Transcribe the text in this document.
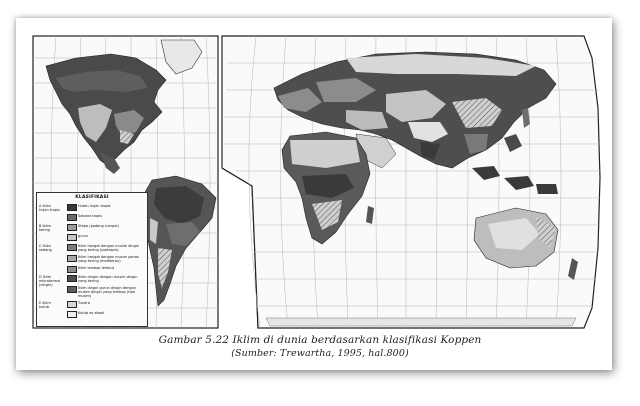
KLASIFIKASI
A Iklim hujan tropis
Hutan hujan tropis
Sabana tropis
B Iklim kering
Stepa (padang rumput)
gurun
C Iklim sedang
Iklim hangat dengan musim dingin yang kering (subtropis)
Iklim hangat dengan musim panas yang kering (mediteran)
Iklim lembap lembut
D Iklim mikrotermal (dingin)
Iklim dingin dengan musim dingin yang kering
Iklim dingin gurun dingin dengan musim dingin yang lembap (tipe musim)
E Iklim kutub
Tundra
Kutub es abadi
Gambar 5.22 Iklim di dunia berdasarkan klasifikasi Koppen
(Sumber: Trewartha, 1995, hal.800)
